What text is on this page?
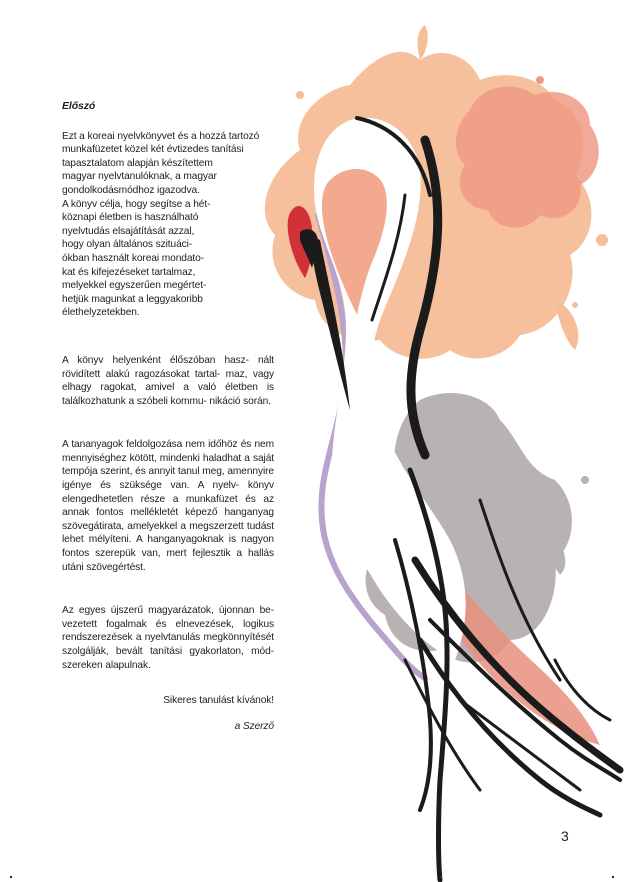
Előszó
Ezt a koreai nyelvkönyvet és a hozzá tartozó
munkafüzetet közel két évtizedes tanítási
tapasztalatom alapján készítettem
magyar nyelvtanulóknak, a magyar
gondolkodásmódhoz igazodva.
A könyv célja, hogy segítse a hét-
köznapi életben is használható
nyelvtudás elsajátítását azzal,
hogy olyan általános szituáci-
ókban használt koreai mondato-
kat és kifejezéseket tartalmaz,
melyekkel egyszerűen megértet-
hetjük magunkat a leggyakoribb
élethelyzetekben.

A könyv helyenként élőszóban hasz- nált rövidített alakú ragozásokat tartal- maz, vagy elhagy ragokat, amivel a való életben is találkozhatunk a szóbeli kommu- nikáció során.

A tananyagok feldolgozása nem időhöz és nem mennyiséghez kötött, mindenki haladhat a saját tempója szerint, és annyit tanul meg, amennyire igénye és szüksége van. A nyelv- könyv elengedhetetlen része a munkafüzet és az annak fontos mellékletét képező hanganyag szövegátirata, amelyekkel a megszerzett tudást lehet mélyíteni. A hanganyagoknak is nagyon fontos szerepük van, mert fejlesztik a hallás utáni szövegértést.

Az egyes újszerű magyarázatok, újonnan be- vezetett fogalmak és elnevezések, logikus rendszerezések a nyelvtanulás megkönnyítését szolgálják, bevált tanítási gyakorlaton, mód- szereken alapulnak.

Sikeres tanulást kívánok!

a Szerző

3
